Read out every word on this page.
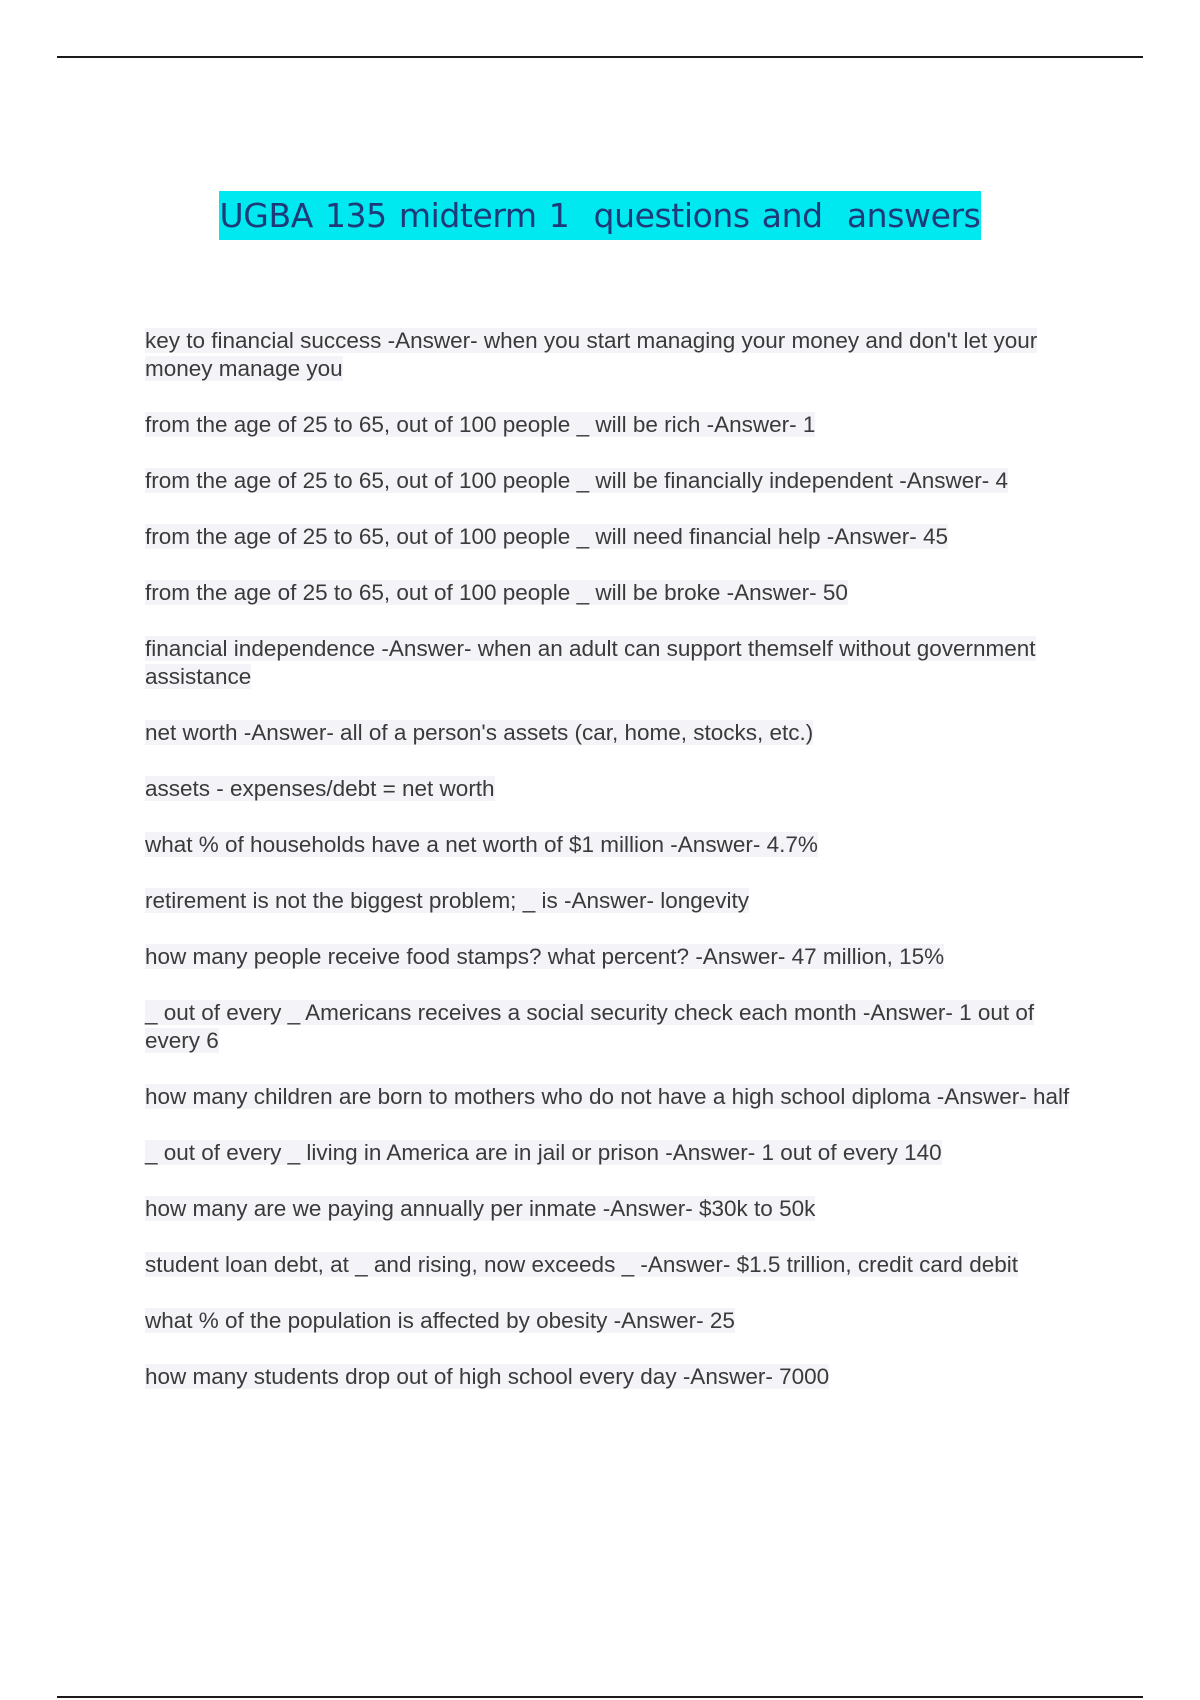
UGBA 135 midterm 1  questions and  answers
key to financial success -Answer- when you start managing your money and don't let your money manage you
from the age of 25 to 65, out of 100 people _ will be rich -Answer- 1
from the age of 25 to 65, out of 100 people _ will be financially independent -Answer- 4
from the age of 25 to 65, out of 100 people _ will need financial help -Answer- 45
from the age of 25 to 65, out of 100 people _ will be broke -Answer- 50
financial independence -Answer- when an adult can support themself without government assistance
net worth -Answer- all of a person's assets (car, home, stocks, etc.)
assets - expenses/debt = net worth
what % of households have a net worth of $1 million -Answer- 4.7%
retirement is not the biggest problem; _ is -Answer- longevity
how many people receive food stamps? what percent? -Answer- 47 million, 15%
_ out of every _ Americans receives a social security check each month -Answer- 1 out of every 6
how many children are born to mothers who do not have a high school diploma -Answer- half
_ out of every _ living in America are in jail or prison -Answer- 1 out of every 140
how many are we paying annually per inmate -Answer- $30k to 50k
student loan debt, at _ and rising, now exceeds _ -Answer- $1.5 trillion, credit card debit
what % of the population is affected by obesity -Answer- 25
how many students drop out of high school every day -Answer- 7000
